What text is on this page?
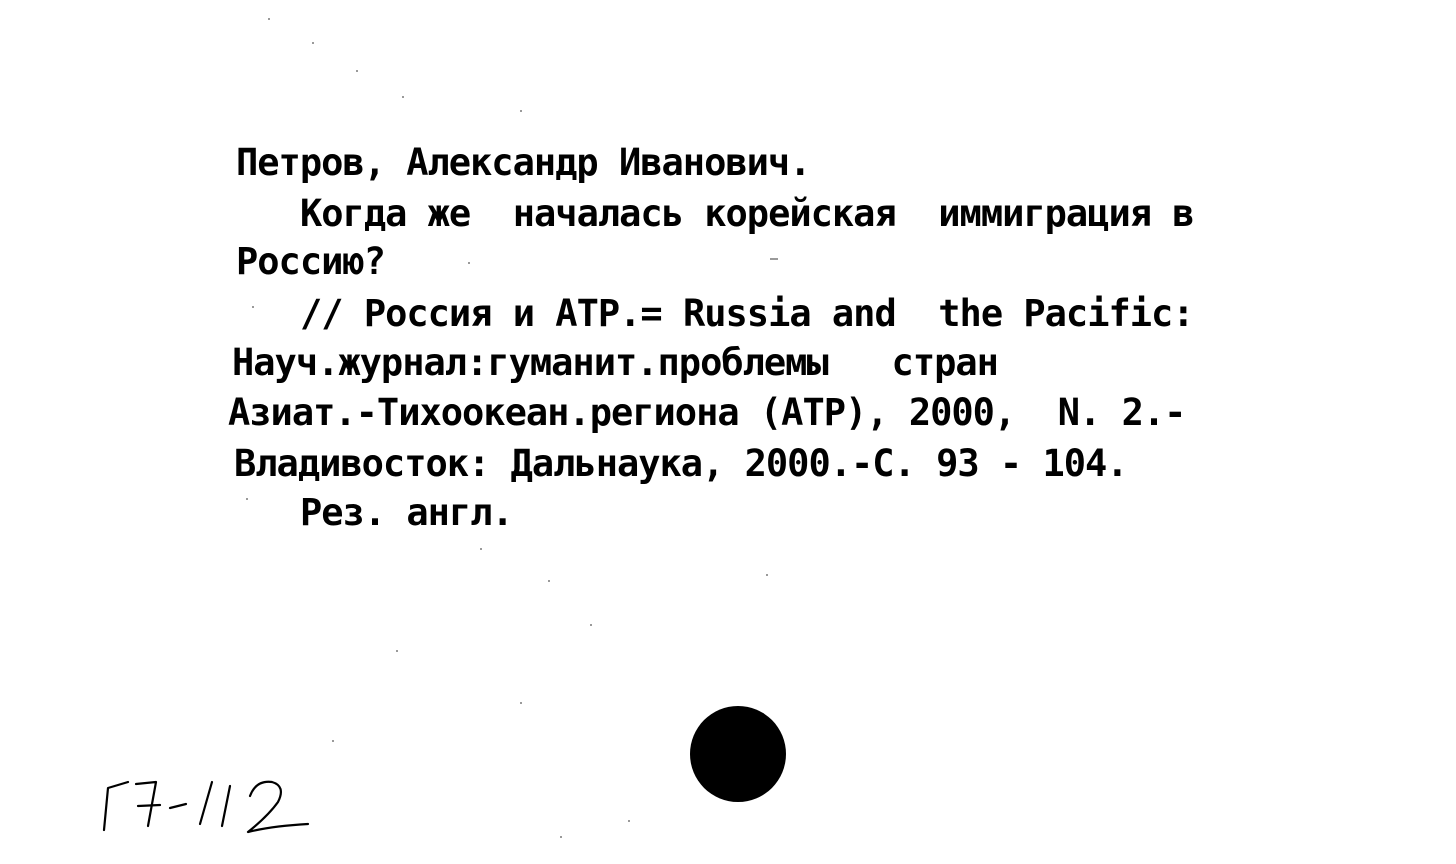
Петров, Александр Иванович.
Когда же  началась корейская  иммиграция в
Россию?
// Россия и АТР.= Russia and  the Pacific:
Науч.журнал:гуманит.проблемы   стран
Азиат.-Тихоокеан.региона (АТР), 2000,  N. 2.-
Владивосток: Дальнаука, 2000.-С. 93 - 104.
Рез. англ.
